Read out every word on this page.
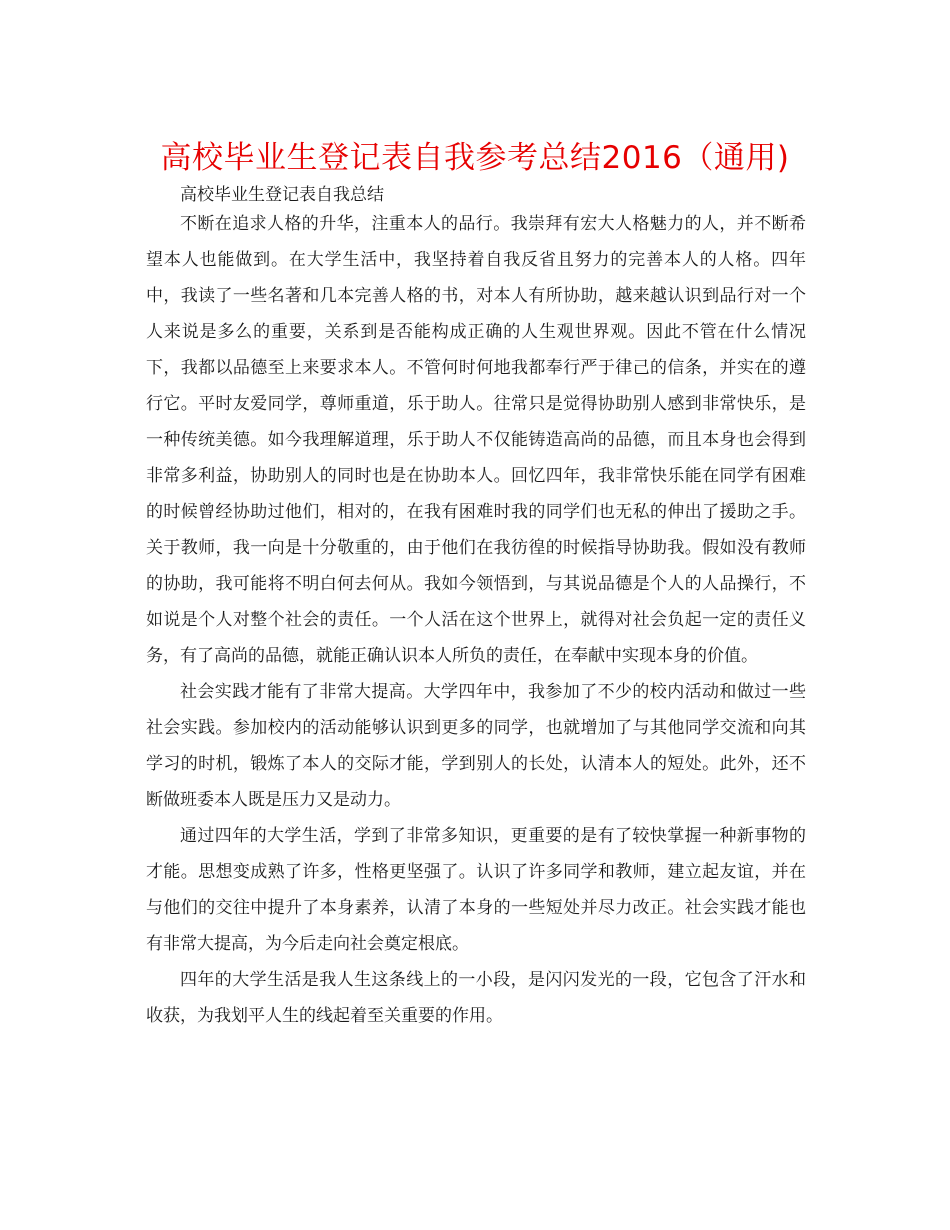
高校毕业生登记表自我参考总结2016（通用)
高校毕业生登记表自我总结

不断在追求人格的升华，注重本人的品行。我崇拜有宏大人格魅力的人，并不断希望本人也能做到。在大学生活中，我坚持着自我反省且努力的完善本人的人格。四年中，我读了一些名著和几本完善人格的书，对本人有所协助，越来越认识到品行对一个人来说是多么的重要，关系到是否能构成正确的人生观世界观。因此不管在什么情况下，我都以品德至上来要求本人。不管何时何地我都奉行严于律己的信条，并实在的遵行它。平时友爱同学，尊师重道，乐于助人。往常只是觉得协助别人感到非常快乐，是一种传统美德。如今我理解道理，乐于助人不仅能铸造高尚的品德，而且本身也会得到非常多利益，协助别人的同时也是在协助本人。回忆四年，我非常快乐能在同学有困难的时候曾经协助过他们，相对的，在我有困难时我的同学们也无私的伸出了援助之手。关于教师，我一向是十分敬重的，由于他们在我彷徨的时候指导协助我。假如没有教师的协助，我可能将不明白何去何从。我如今领悟到，与其说品德是个人的人品操行，不如说是个人对整个社会的责任。一个人活在这个世界上，就得对社会负起一定的责任义务，有了高尚的品德，就能正确认识本人所负的责任，在奉献中实现本身的价值。

社会实践才能有了非常大提高。大学四年中，我参加了不少的校内活动和做过一些社会实践。参加校内的活动能够认识到更多的同学，也就增加了与其他同学交流和向其学习的时机，锻炼了本人的交际才能，学到别人的长处，认清本人的短处。此外，还不断做班委本人既是压力又是动力。

通过四年的大学生活，学到了非常多知识，更重要的是有了较快掌握一种新事物的才能。思想变成熟了许多，性格更坚强了。认识了许多同学和教师，建立起友谊，并在与他们的交往中提升了本身素养，认清了本身的一些短处并尽力改正。社会实践才能也有非常大提高，为今后走向社会奠定根底。

四年的大学生活是我人生这条线上的一小段，是闪闪发光的一段，它包含了汗水和收获，为我划平人生的线起着至关重要的作用。
